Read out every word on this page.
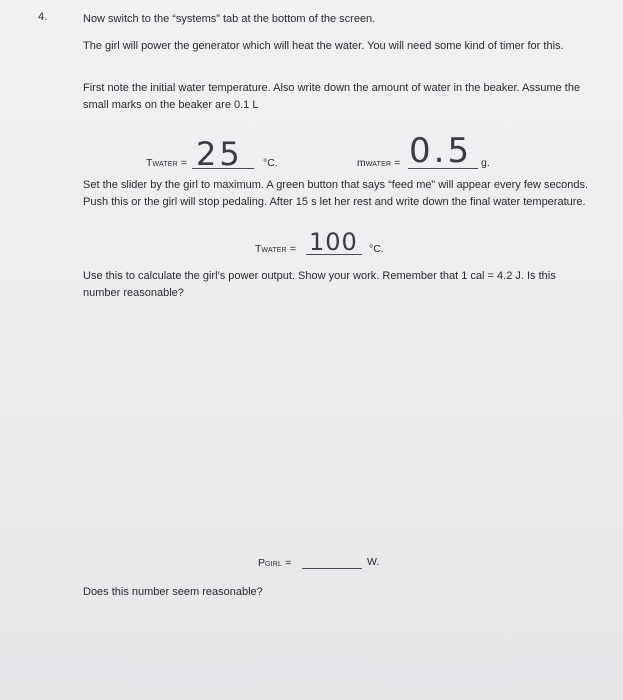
4.	Now switch to the “systems” tab at the bottom of the screen.
The girl will power the generator which will heat the water. You will need some kind of timer for this.
First note the initial water temperature. Also write down the amount of water in the beaker. Assume the small marks on the beaker are 0.1 L
TWATER = 25 °C.	mWATER = 0.5 g.
Set the slider by the girl to maximum. A green button that says “feed me” will appear every few seconds. Push this or the girl will stop pedaling. After 15 s let her rest and write down the final water temperature.
TWATER = 100 °C.
Use this to calculate the girl’s power output. Show your work. Remember that 1 cal = 4.2 J. Is this number reasonable?
PGIRL =	W.
Does this number seem reasonable?
